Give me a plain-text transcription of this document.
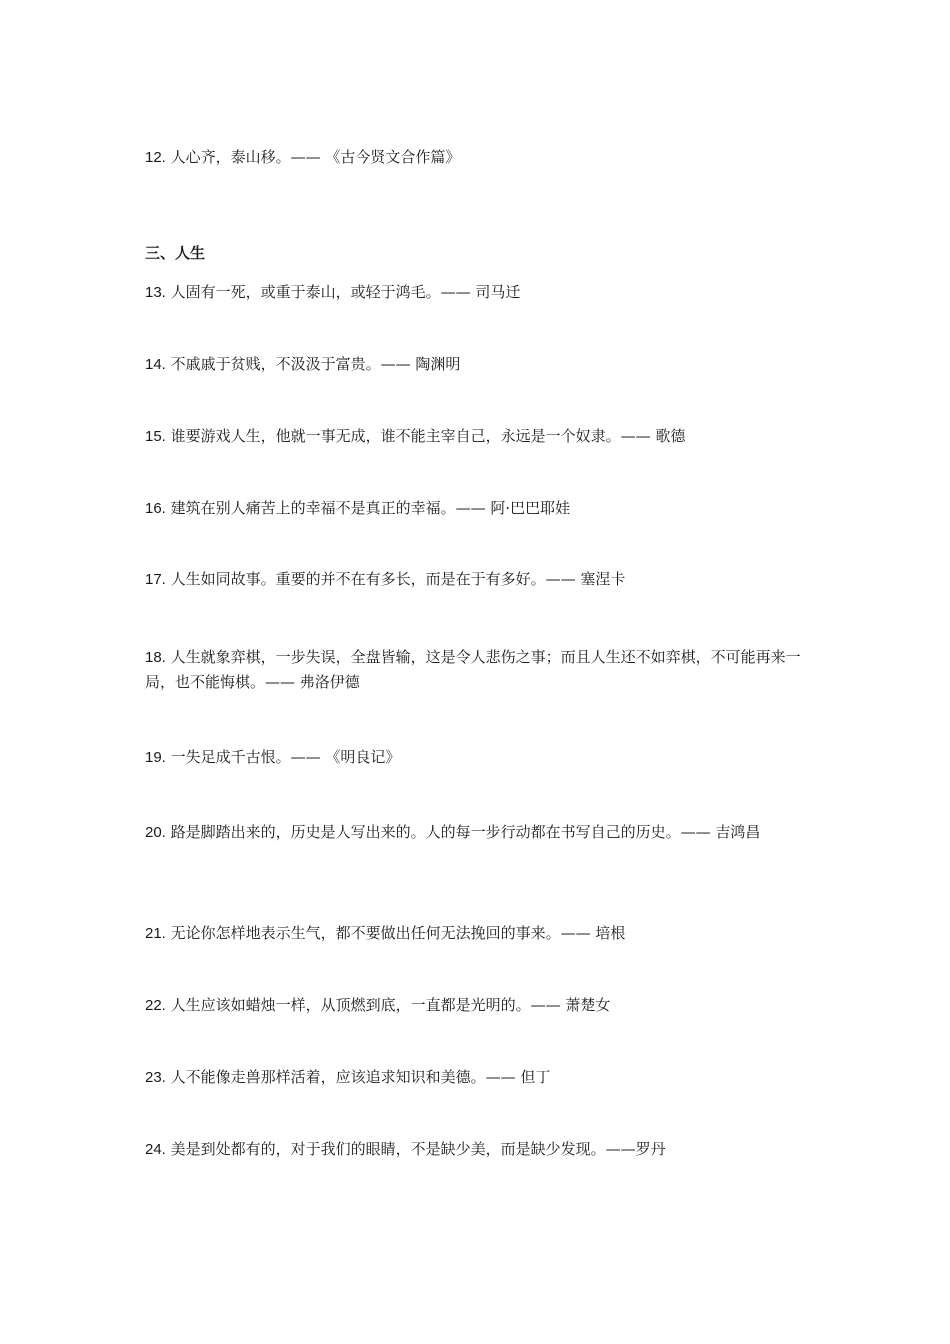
12. 人心齐，泰山移。—— 《古今贤文合作篇》
三、人生
13. 人固有一死，或重于泰山，或轻于鸿毛。—— 司马迁
14. 不戚戚于贫贱，不汲汲于富贵。—— 陶渊明
15. 谁要游戏人生，他就一事无成，谁不能主宰自己，永远是一个奴隶。—— 歌德
16. 建筑在别人痛苦上的幸福不是真正的幸福。—— 阿·巴巴耶娃
17. 人生如同故事。重要的并不在有多长，而是在于有多好。—— 塞涅卡
18. 人生就象弈棋，一步失误，全盘皆输，这是令人悲伤之事；而且人生还不如弈棋，不可能再来一局，也不能悔棋。—— 弗洛伊德
19. 一失足成千古恨。—— 《明良记》
20. 路是脚踏出来的，历史是人写出来的。人的每一步行动都在书写自己的历史。—— 吉鸿昌
21. 无论你怎样地表示生气，都不要做出任何无法挽回的事来。—— 培根
22. 人生应该如蜡烛一样，从顶燃到底，一直都是光明的。—— 萧楚女
23. 人不能像走兽那样活着，应该追求知识和美德。—— 但丁
24. 美是到处都有的，对于我们的眼睛，不是缺少美，而是缺少发现。——罗丹
